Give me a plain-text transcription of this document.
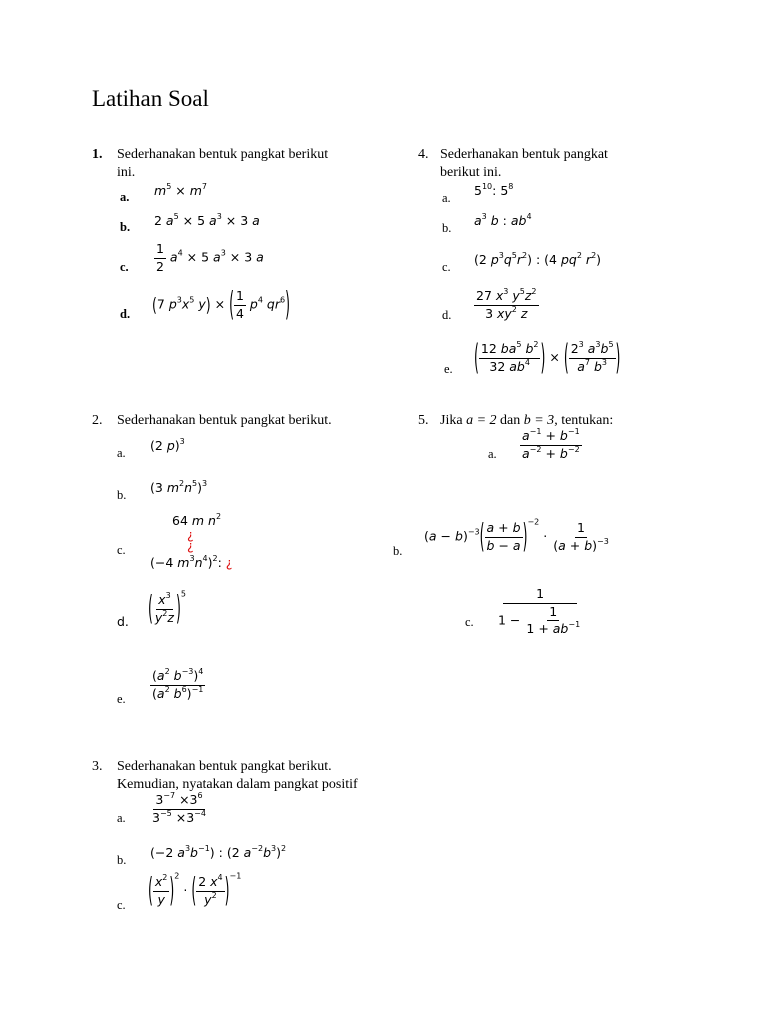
Latihan Soal
1. Sederhanakan bentuk pangkat berikut
ini.
a. $m^5 \times m^7$
b. 2 $a^5 \times 5$ $a^3 \times 3$ a
c. $\frac{1}{2} a^4 \times 5$ $a^3 \times 3$ a
d. (7 $p^3x^5$ y) × ( $\frac{1}{4} p^4$ $qr^6$)
2. Sederhanakan bentuk pangkat berikut.
a. (2 p)$^3$
b. (3 $m^2n^5)^3$
c.
64 m $n^2$
¿
¿
(−4 $m^3n^4)^2$: ¿
d. ( $\frac{x^3}{y^2z} )^5$
e. $\frac{(a^2 b^{-3})^4}{(a^2 b^6)^{-1}}$
3. Sederhanakan bentuk pangkat berikut.
Kemudian, nyatakan dalam pangkat positif
a. $\frac{3^{-7} \times 3^6}{3^{-5} \times 3^{-4}}$
b. (−2 $a^3b^{-1}$) : (2 $a^{-2}b^3)^2$
c. ( $\frac{x^2}{y} )^2$ · ( $\frac{2 x^4}{y^2} )^{-1}$
4. Sederhanakan bentuk pangkat
berikut ini.
a. $5^{10}$: $5^8$
b. $a^3$ b : $ab^4$
c. (2 $p^3q^5r^2$) : (4 $pq^2$ $r^2$)
d. $\frac{27 x^3 y^5z^2}{3 xy^2 z}$
e. ( $\frac{12 ba^5 b^2}{32 ab^4}$ ) × ( $\frac{2^3 a^3b^5}{a^7 b^3}$ )
5. Jika a = 2 dan b = 3, tentukan:
a. $\frac{a^{-1} + b^{-1}}{a^{-2} + b^{-2}}$
b.
$(a - b)^{-3}( \frac{a + b}{b - a} )^{-2} \cdot \frac{1}{(a + b)^{-3}}$
c. $\frac{1}{1 - \frac{1}{1 + ab^{-1}}}$
